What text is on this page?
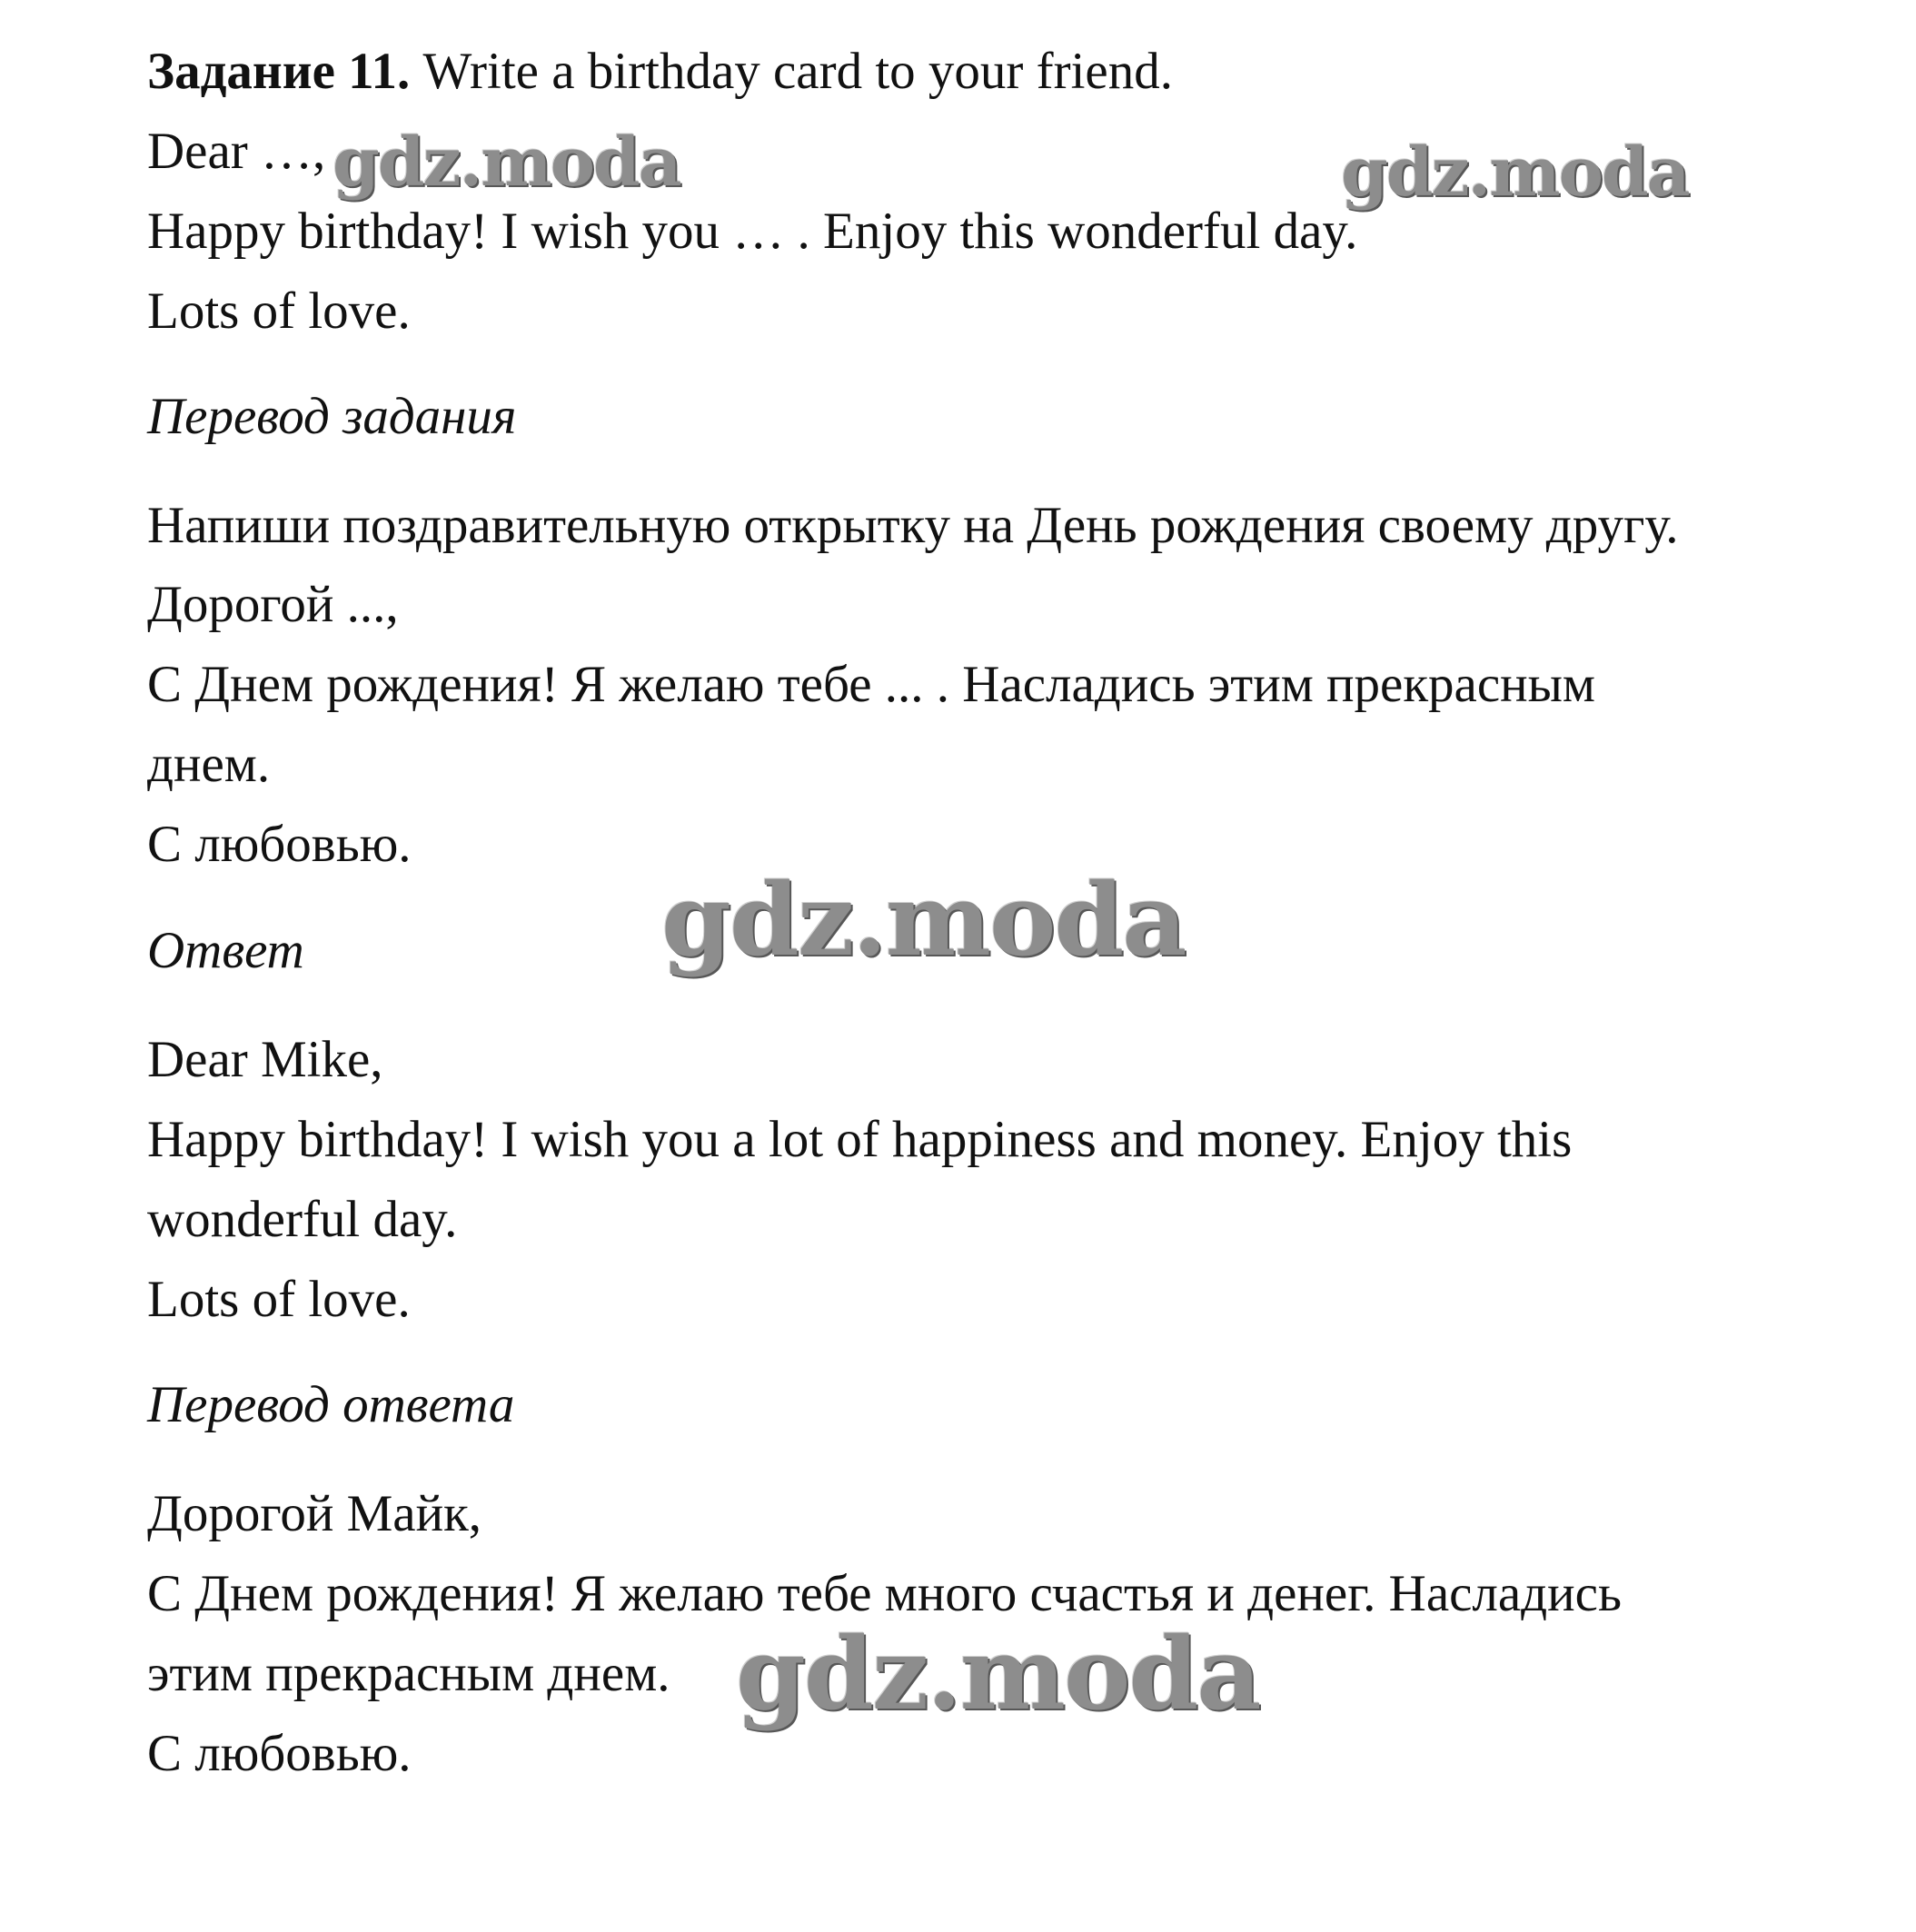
Задание 11. Write a birthday card to your friend.
Dear …,
Happy birthday! I wish you … . Enjoy this wonderful day.
Lots of love.
Перевод задания
Напиши поздравительную открытку на День рождения своему другу.
Дорогой ...,
С Днем рождения! Я желаю тебе ... . Насладись этим прекрасным
днем.
С любовью.
Ответ
Dear Mike,
Happy birthday! I wish you a lot of happiness and money. Enjoy this
wonderful day.
Lots of love.
Перевод ответа
Дорогой Майк,
С Днем рождения! Я желаю тебе много счастья и денег. Насладись
этим прекрасным днем.
С любовью.
gdz.moda	gdz.moda
gdz.moda
gdz.moda
